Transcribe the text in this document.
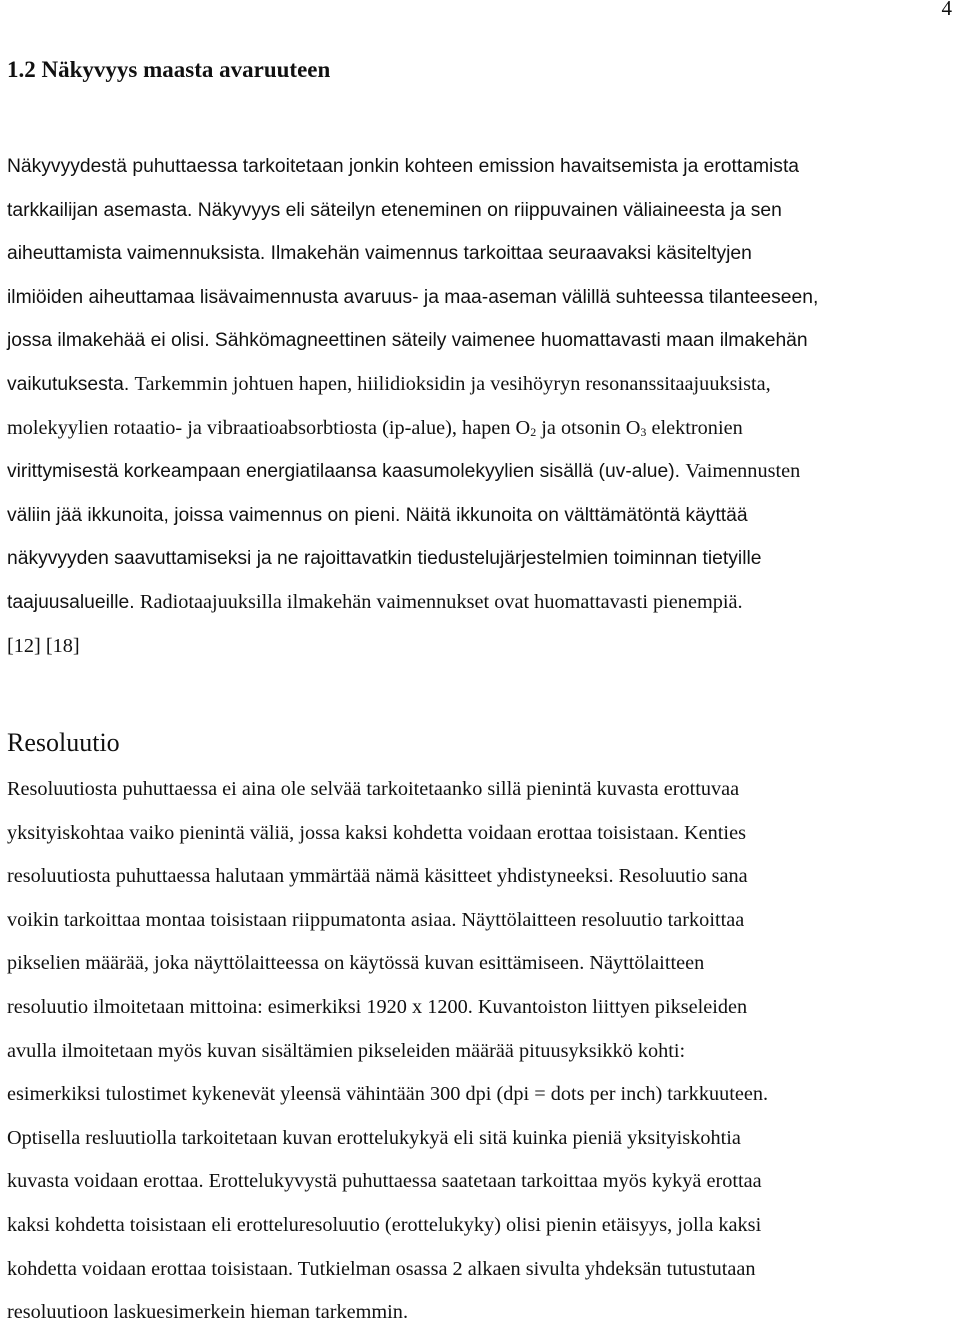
4
1.2 Näkyvyys maasta avaruuteen
Näkyvyydestä puhuttaessa tarkoitetaan jonkin kohteen emission havaitsemista ja erottamista
tarkkailijan asemasta. Näkyvyys eli säteilyn eteneminen on riippuvainen väliaineesta ja sen
aiheuttamista vaimennuksista. Ilmakehän vaimennus tarkoittaa seuraavaksi käsiteltyjen
ilmiöiden aiheuttamaa lisävaimennusta avaruus- ja maa-aseman välillä suhteessa tilanteeseen,
jossa ilmakehää ei olisi. Sähkömagneettinen säteily vaimenee huomattavasti maan ilmakehän
vaikutuksesta. Tarkemmin johtuen hapen, hiilidioksidin ja vesihöyryn resonanssitaajuuksista,
molekyylien rotaatio- ja vibraatioabsorbtiosta (ip-alue), hapen $O_2$ ja otsonin $O_3$ elektronien
virittymisestä korkeampaan energiatilaansa kaasumolekyylien sisällä (uv-alue). Vaimennusten
väliin jää ikkunoita, joissa vaimennus on pieni. Näitä ikkunoita on välttämätöntä käyttää
näkyvyyden saavuttamiseksi ja ne rajoittavatkin tiedustelujärjestelmien toiminnan tietyille
taajuusalueille. Radiotaajuuksilla ilmakehän vaimennukset ovat huomattavasti pienempiä.
[12] [18]
Resoluutio
Resoluutiosta puhuttaessa ei aina ole selvää tarkoitetaanko sillä pienintä kuvasta erottuvaa
yksityiskohtaa vaiko pienintä väliä, jossa kaksi kohdetta voidaan erottaa toisistaan. Kenties
resoluutiosta puhuttaessa halutaan ymmärtää nämä käsitteet yhdistyneeksi. Resoluutio sana
voikin tarkoittaa montaa toisistaan riippumatonta asiaa. Näyttölaitteen resoluutio tarkoittaa
pikselien määrää, joka näyttölaitteessa on käytössä kuvan esittämiseen. Näyttölaitteen
resoluutio ilmoitetaan mittoina: esimerkiksi 1920 x 1200. Kuvantoiston liittyen pikseleiden
avulla ilmoitetaan myös kuvan sisältämien pikseleiden määrää pituusyksikkö kohti:
esimerkiksi tulostimet kykenevät yleensä vähintään 300 dpi (dpi = dots per inch) tarkkuuteen.
Optisella resluutiolla tarkoitetaan kuvan erottelukykyä eli sitä kuinka pieniä yksityiskohtia
kuvasta voidaan erottaa. Erottelukyvystä puhuttaessa saatetaan tarkoittaa myös kykyä erottaa
kaksi kohdetta toisistaan eli erotteluresoluutio (erottelukyky) olisi pienin etäisyys, jolla kaksi
kohdetta voidaan erottaa toisistaan. Tutkielman osassa 2 alkaen sivulta yhdeksän tutustutaan
resoluutioon laskuesimerkein hieman tarkemmin.
